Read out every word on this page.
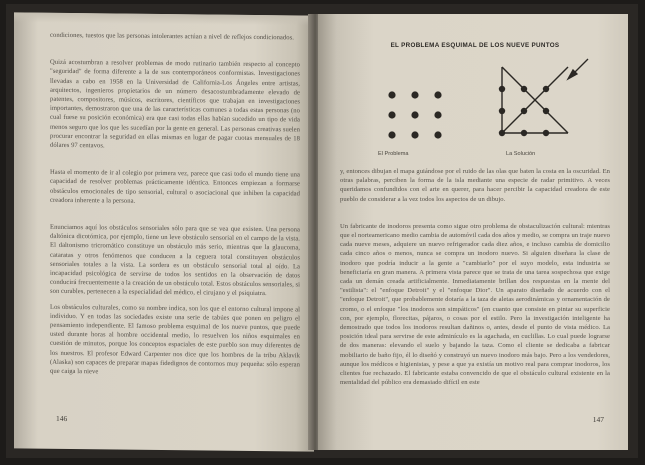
condiciones, tuestos que las personas intolerantes actúan a nivel de reflejos condicionados.

Quizá acostumbran a resolver problemas de modo rutinario también respecto al concepto "seguridad" de forma diferente a la de sus contemporáneos conformistas. Investigaciones llevadas a cabo en 1958 en la Universidad de California-Los Ángeles entre artistas, arquitectos, ingenieros propietarios de un número desacostumbradamente elevado de patentes, compositores, músicos, escritores, científicos que trabajan en investigaciones importantes, demostraron que una de las características comunes a todas estas personas (no cual fuese su posición económica) era que casi todas ellas habían sucedido un tipo de vida menos seguro que los que les sucedían por la gente en general. Las personas creativas suelen procurar encontrar la seguridad en ellas mismas en lugar de pagar cuotas mensuales de 18 dólares 97 centavos.

Hasta el momento de ir al colegio por primera vez, parece que casi todo el mundo tiene una capacidad de resolver problemas prácticamente idéntica. Entonces empiezan a formarse obstáculos emocionales de tipo sensorial, cultural o asociacional que inhiben la capacidad creadora inherente a la persona.

Enunciamos aquí los obstáculos sensoriales sólo para que se vea que existen. Una persona daltónica dicotómica, por ejemplo, tiene un leve obstáculo sensorial en el campo de la vista. El daltonismo tricromático constituye un obstáculo más serio, mientras que la glaucoma, cataratas y otros fenómenos que conducen a la ceguera total constituyen obstáculos sensoriales totales a la vista. La sordera es un obstáculo sensorial total al oído. La incapacidad psicológica de servirse de todos los sentidos en la observación de datos conducirá frecuentemente a la creación de un obstáculo total. Estos obstáculos sensoriales, si son curables, pertenecen a la especialidad del médico, el cirujano y el psiquiatra.

Los obstáculos culturales, como su nombre indica, son los que el entorno cultural impone al individuo. Y en todas las sociedades existe una serie de tabúes que ponen en peligro el pensamiento independiente. El famoso problema esquimal de los nueve puntos, que puede usted durante horas al hombre occidental medio, lo resuelven los niños esquimales en cuestión de minutos, porque los conceptos espaciales de este pueblo son muy diferentes de los nuestros. El profesor Edward Carpenter nos dice que los hombres de la tribu Aklavik (Alaska) son capaces de preparar mapas fidedignos de contornos muy pequeña: sólo esperan que caiga la nieve

146
EL PROBLEMA ESQUIMAL DE LOS NUEVE PUNTOS
El Problema	La Solución

y, entonces dibujan el mapa guiándose por el ruido de las olas que baten la costa en la oscuridad. En otras palabras, perciben la forma de la isla mediante una especie de radar primitivo. A veces queridamos confundidos con el arte en querer, para hacer percibir la capacidad creadora de este pueblo de considerar a la vez todos los aspectos de un dibujo.

Un fabricante de inodoros presenta como sigue otro problema de obstaculización cultural: mientras que el norteamericano medio cambia de automóvil cada dos años y medio, se compra un traje nuevo cada nueve meses, adquiere un nuevo refrigerador cada diez años, e incluso cambia de domicilio cada cinco años o menos, nunca se compra un inodoro nuevo. Si alguien diseñara la clase de inodoro que podría inducir a la gente a "cambiarlo" por el suyo modelo, esta industria se beneficiaría en gran manera. A primera vista parece que se trata de una tarea sospechosa que exige cada un demán creada artificialmente. Inmediatamente brillan dos respuestas en la mente del "estilista": el "enfoque Detroit" y el "enfoque Dior". Un aparato diseñado de acuerdo con el "enfoque Detroit", que probablemente dotaría a la taza de aletas aerodinámicas y ornamentación de cromo, o el enfoque "los inodoros son simpáticos" (en cuanto que consiste en pintar su superficie con, por ejemplo, florecitas, pájaros, o cosas por el estilo. Pero la investigación inteligente ha demostrado que todos los inodoros resultan dañinos o, antes, desde el punto de vista médico. La posición ideal para servirse de este adminículo es la agachada, en cuclillas. Lo cual puede lograrse de dos maneras: elevando el suelo y bajando la taza. Como el cliente se dedicaba a fabricar mobiliario de baño fijo, él lo diseñó y construyó un nuevo inodoro más bajo. Pero a los vendedores, aunque los médicos e higienistas, y pese a que ya existía un motivo real para comprar inodoros, los clientes fue rechazado. El fabricante estaba convencido de que el obstáculo cultural existente en la mentalidad del público era demasiado difícil en este

147
